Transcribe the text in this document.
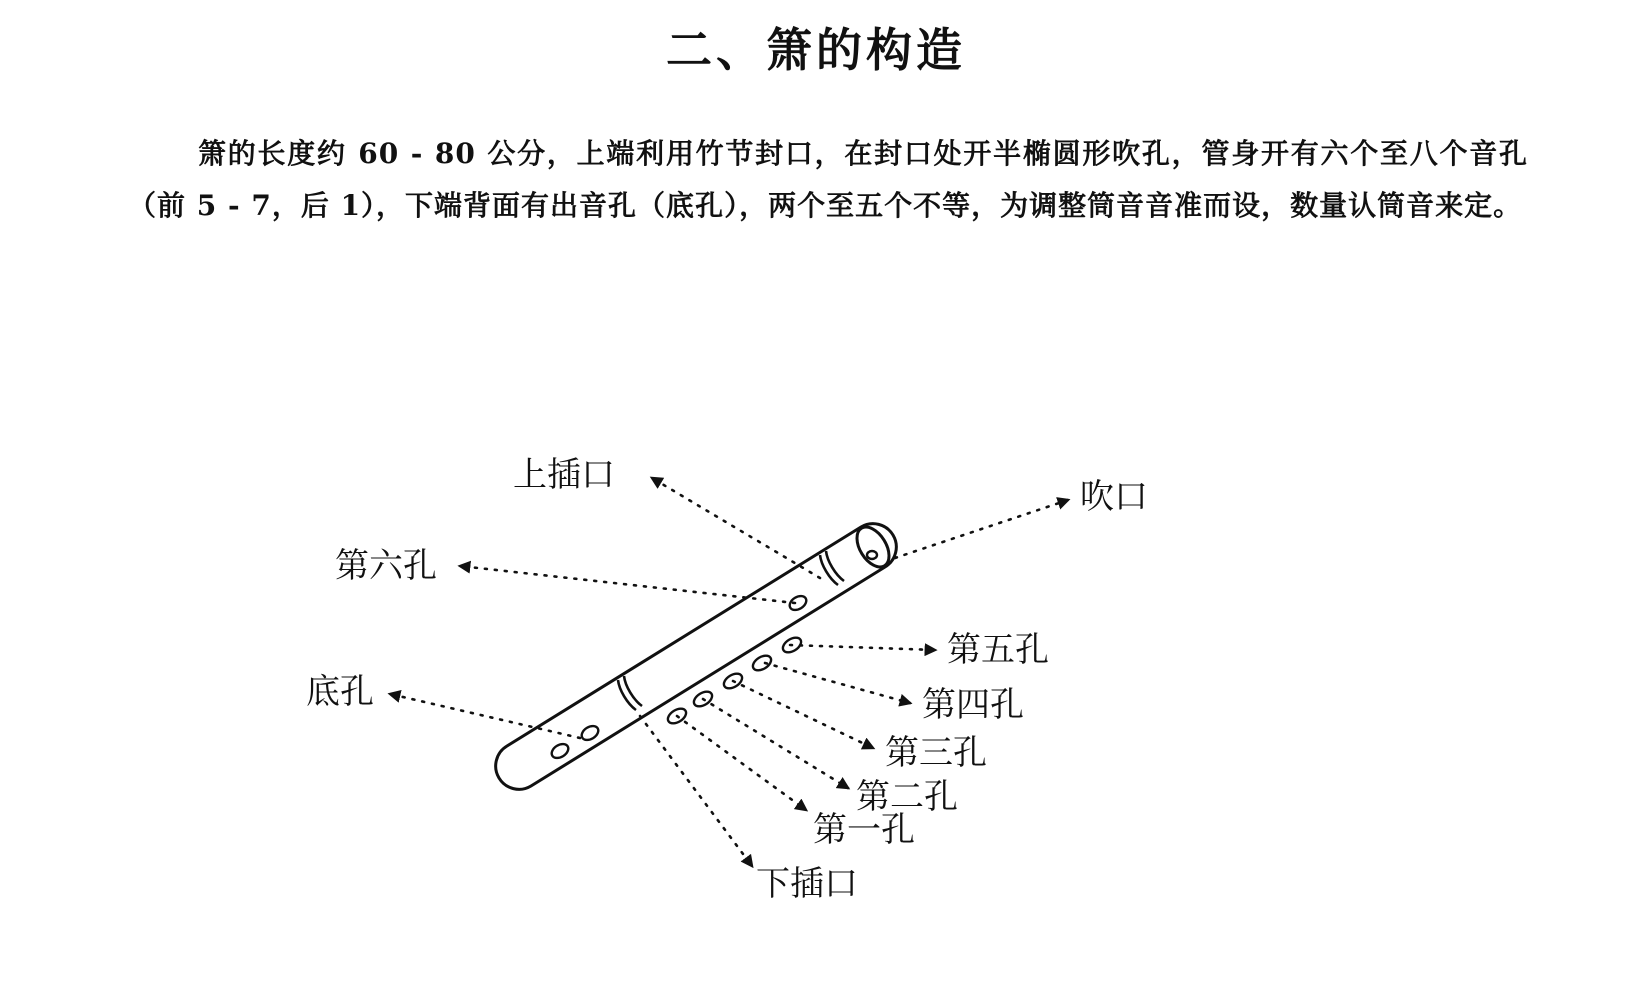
二、箫的构造

箫的长度约 60 - 80 公分，上端利用竹节封口，在封口处开半椭圆形吹孔，管身开有六个至八个音孔（前 5 - 7，后 1），下端背面有出音孔（底孔），两个至五个不等，为调整筒音音准而设，数量认筒音来定。

上插口
吹口
第六孔
第五孔
第四孔
第三孔
第二孔
第一孔
底孔
下插口
